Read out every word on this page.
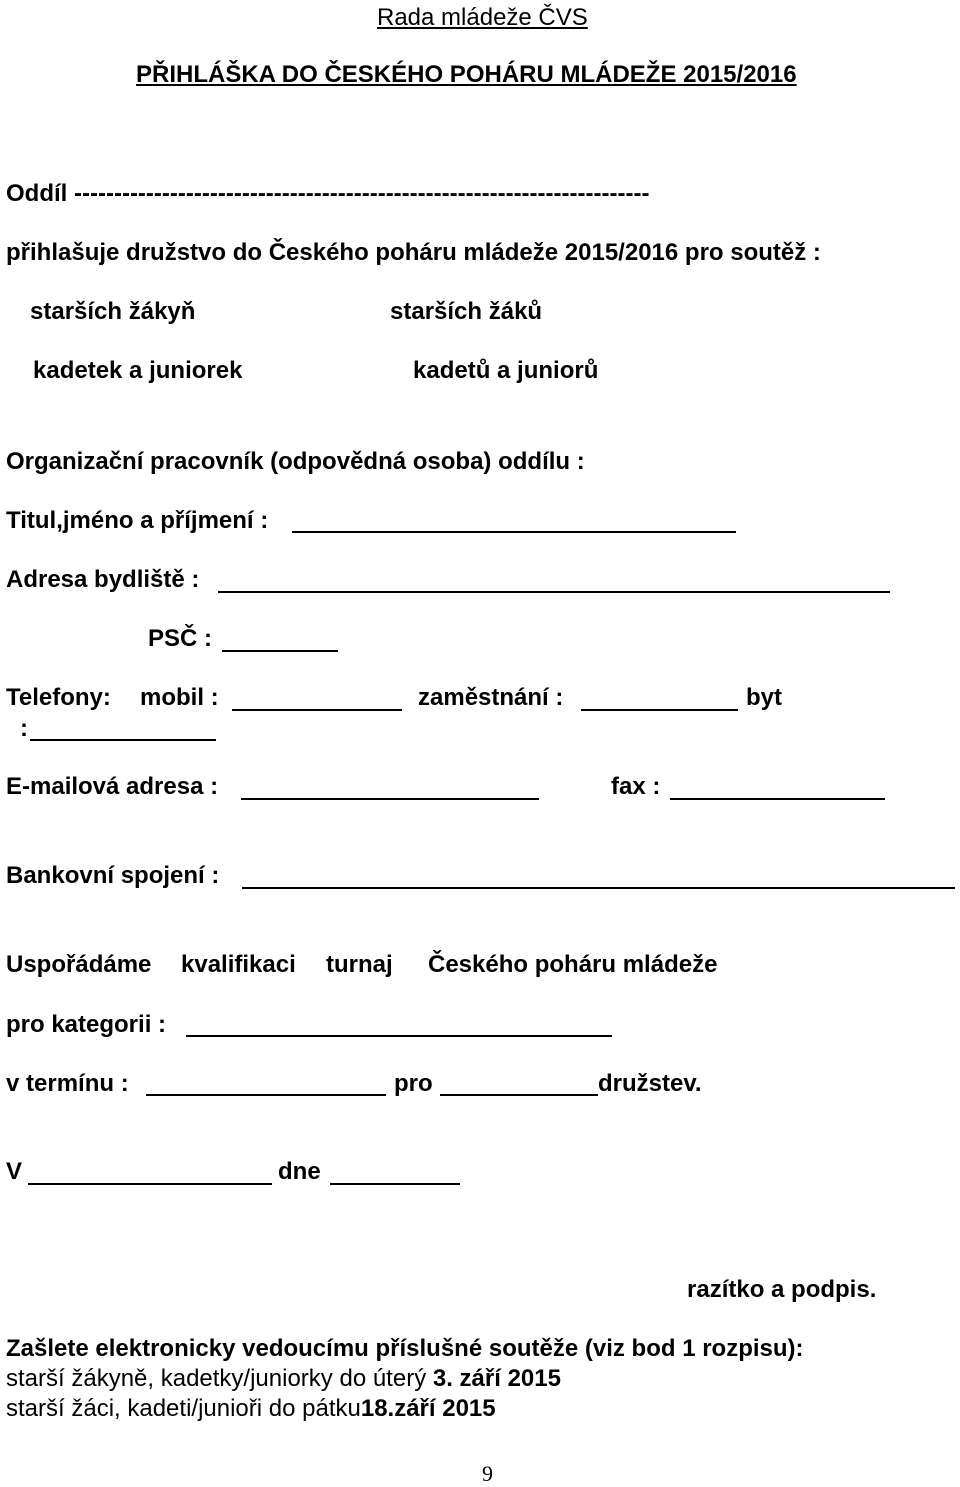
Rada mládeže ČVS
PŘIHLÁŠKA DO ČESKÉHO POHÁRU MLÁDEŽE 2015/2016
Oddíl ------------------------------------------------------------------------
přihlašuje družstvo do Českého poháru mládeže 2015/2016 pro soutěž :
starších žákyň	starších žáků
kadetek a juniorek	kadetů a juniorů
Organizační pracovník (odpovědná osoba) oddílu :
Titul,jméno a příjmení :
Adresa bydliště :
PSČ :
Telefony: mobil :	zaměstnání :	byt
:
E-mailová adresa :	fax :
Bankovní spojení :
Uspořádáme kvalifikaci turnaj Českého poháru mládeže
pro kategorii :
v termínu :	pro	družstev.
V	dne
razítko a podpis.
Zašlete elektronicky vedoucímu příslušné soutěže (viz bod 1 rozpisu):
starší žákyně, kadetky/juniorky do úterý 3. září 2015
starší žáci, kadeti/junioři do pátku18.září 2015
9
